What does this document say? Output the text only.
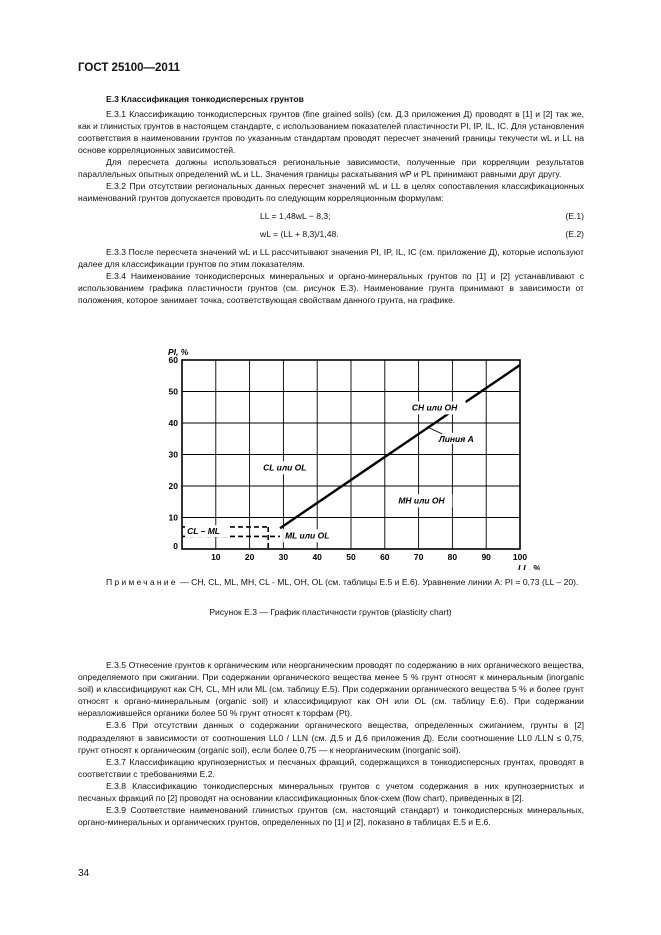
ГОСТ 25100—2011

Е.3 Классификация тонкодисперсных грунтов

Е.3.1 Классификацию тонкодисперсных грунтов (fine grained soils) (см. Д.3 приложения Д) проводят в [1] и [2] так же, как и глинистых грунтов в настоящем стандарте, с использованием показателей пластичности PI, IP, IL, IC. Для установления соответствия в наименовании грунтов по указанным стандартам проводят пересчет значений границы текучести wL и LL на основе корреляционных зависимостей.

Для пересчета должны использоваться региональные зависимости, полученные при корреляции результатов параллельных опытных определений wL и LL. Значения границы раскатывания wP и PL принимают равными друг другу.

Е.3.2 При отсутствии региональных данных пересчет значений wL и LL в целях сопоставления классификационных наименований грунтов допускается проводить по следующим корреляционным формулам:

LL = 1,48wL − 8,3;	(Е.1)
wL = (LL + 8,3)/1,48.	(Е.2)

Е.3.3 После пересчета значений wL и LL рассчитывают значения PI, IP, IL, IC (см. приложение Д), которые используют далее для классификации грунтов по этим показателям.

Е.3.4 Наименование тонкодисперсных минеральных и органо-минеральных грунтов по [1] и [2] устанавливают с использованием графика пластичности грунтов (см. рисунок Е.3). Наименование грунта принимают в зависимости от положения, которое занимает точка, соответствующая свойствам данного грунта, на графике.

10	20	30	40	50	60	70	80	90	100
0
10
20
30
40
50
60
PI, %
LL, %
CH или OH
Линия A
CL или OL
MH или OH
CL – ML	ML или OL
Примечание — CH, CL, ML, MH, CL - ML, OH, OL (см. таблицы Е.5 и Е.6). Уравнение линии А: PI = 0,73 (LL – 20).
Рисунок Е.3 — График пластичности грунтов (plasticity chart)

Е.3.5 Отнесение грунтов к органическим или неорганическим проводят по содержанию в них органического вещества, определяемого при сжигании. При содержании органического вещества менее 5 % грунт относят к минеральным (inorganic soil) и классифицируют как CH, CL, MH или ML (см. таблицу Е.5). При содержании органического вещества 5 % и более грунт относят к органо-минеральным (organic soil) и классифицируют как OH или OL (см. таблицу Е.6). При содержании неразложившейся органики более 50 % грунт относят к торфам (Pt).

Е.3.6 При отсутствии данных о содержании органического вещества, определенных сжиганием, грунты в [2] подразделяют в зависимости от соотношения LL0 / LLN (см. Д.5 и Д.6 приложения Д). Если соотношение LL0 /LLN ≤ 0,75, грунт относят к органическим (organic soil), если более 0,75 — к неорганическим (inorganic soil).

Е.3.7 Классификацию крупнозернистых и песчаных фракций, содержащихся в тонкодисперсных грунтах, проводят в соответствии с требованиями Е.2.

Е.3.8 Классификацию тонкодисперсных минеральных грунтов с учетом содержания в них крупнозернистых и песчаных фракций по [2] проводят на основании классификационных блок-схем (flow chart), приведенных в [2].

Е.3.9 Соответствие наименований глинистых грунтов (см. настоящий стандарт) и тонкодисперсных минеральных, органо-минеральных и органических грунтов, определенных по [1] и [2], показано в таблицах Е.5 и Е.6.

34
